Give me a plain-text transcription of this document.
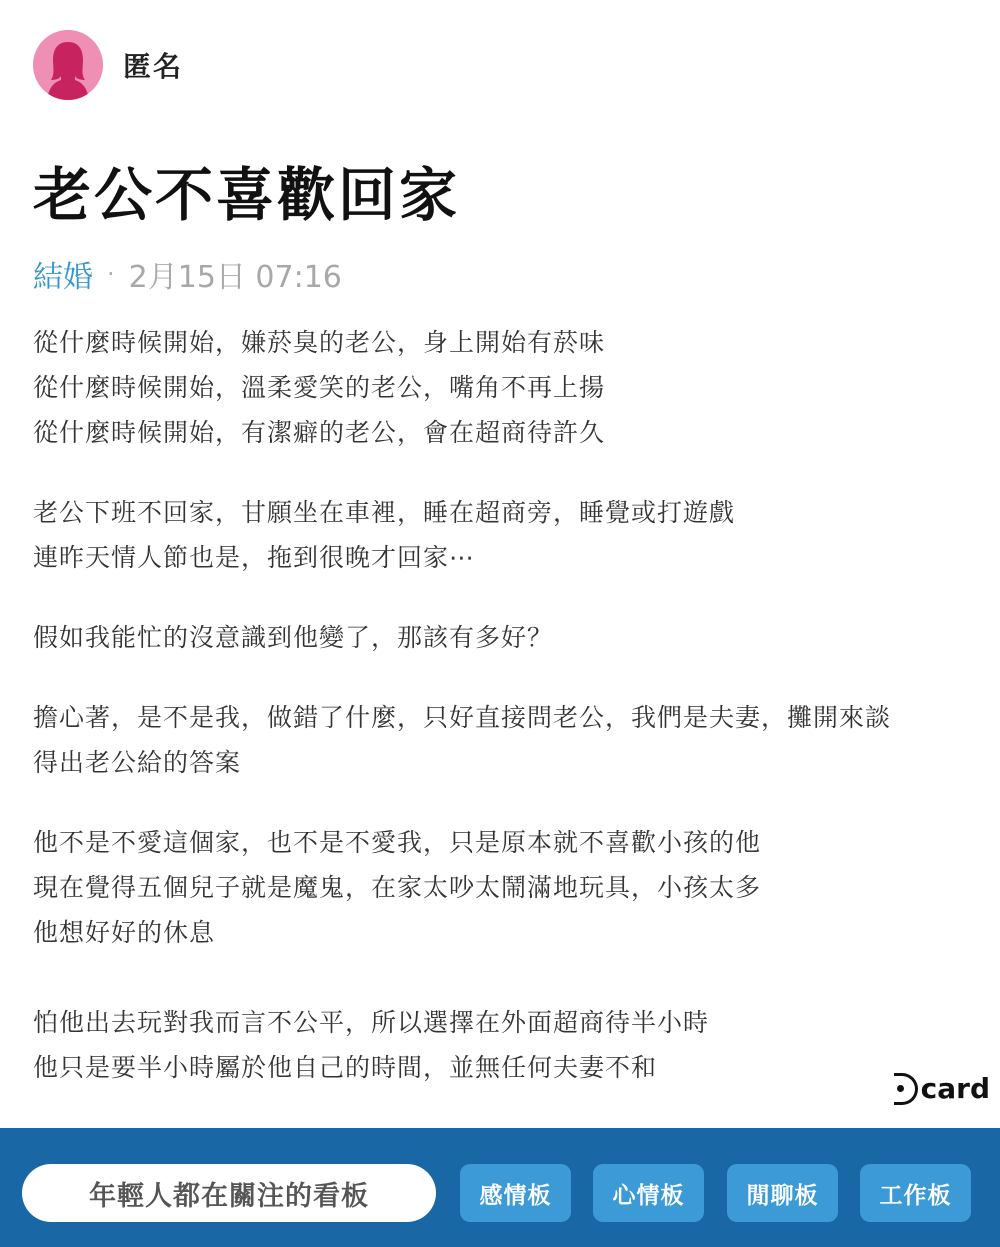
匿名
老公不喜歡回家
結婚 · 2月15日 07:16
從什麼時候開始，嫌菸臭的老公，身上開始有菸味
從什麼時候開始，溫柔愛笑的老公，嘴角不再上揚
從什麼時候開始，有潔癖的老公，會在超商待許久
老公下班不回家，甘願坐在車裡，睡在超商旁，睡覺或打遊戲
連昨天情人節也是，拖到很晚才回家⋯
假如我能忙的沒意識到他變了，那該有多好？
擔心著，是不是我，做錯了什麼，只好直接問老公，我們是夫妻，攤開來談
得出老公給的答案
他不是不愛這個家，也不是不愛我，只是原本就不喜歡小孩的他
現在覺得五個兒子就是魔鬼，在家太吵太鬧滿地玩具，小孩太多
他想好好的休息
怕他出去玩對我而言不公平，所以選擇在外面超商待半小時
他只是要半小時屬於他自己的時間，並無任何夫妻不和
card
年輕人都在關注的看板	感情板	心情板	閒聊板	工作板
